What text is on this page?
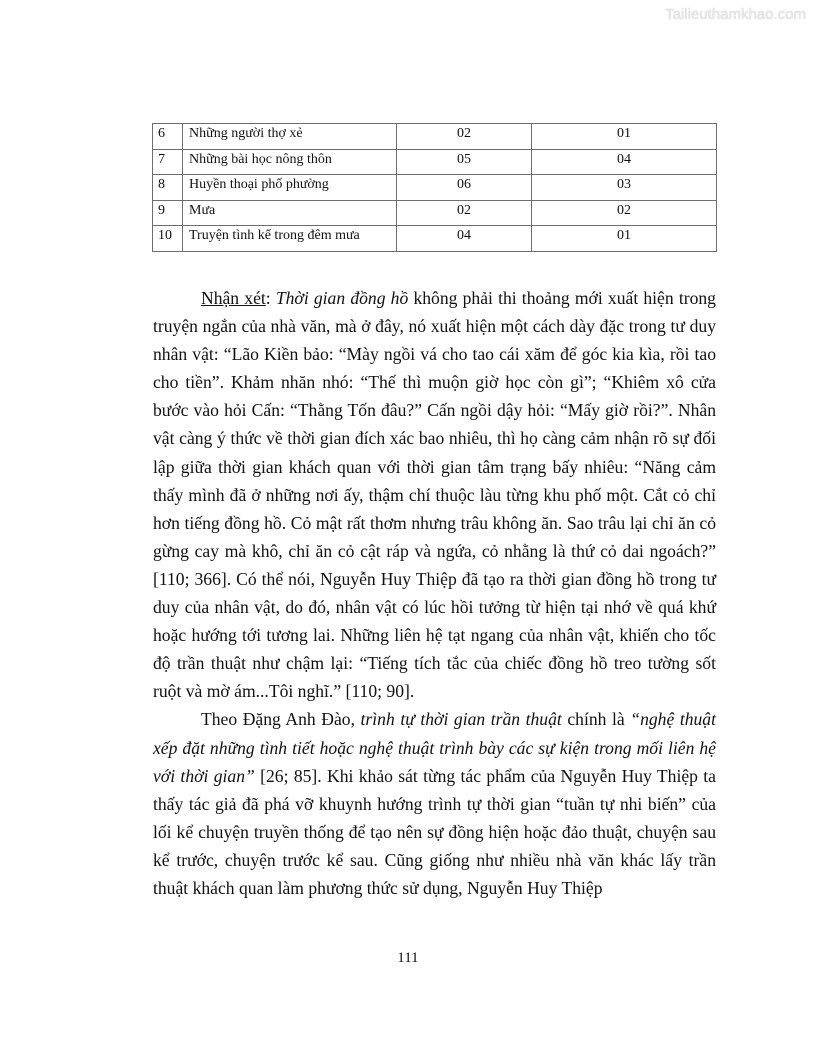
Tailieuthamkhao.com
6	Những người thợ xẻ	02	01
7	Những bài học nông thôn	05	04
8	Huyền thoại phố phường	06	03
9	Mưa	02	02
10	Truyện tình kể trong đêm mưa	04	01

Nhận xét: Thời gian đồng hồ không phải thi thoảng mới xuất hiện trong truyện ngắn của nhà văn, mà ở đây, nó xuất hiện một cách dày đặc trong tư duy nhân vật: “Lão Kiền bảo: “Mày ngồi vá cho tao cái xăm để góc kia kìa, rồi tao cho tiền”. Khảm nhăn nhó: “Thế thì muộn giờ học còn gì”; “Khiêm xô cửa bước vào hỏi Cấn: “Thằng Tốn đâu?” Cấn ngồi dậy hỏi: “Mấy giờ rồi?”. Nhân vật càng ý thức về thời gian đích xác bao nhiêu, thì họ càng cảm nhận rõ sự đối lập giữa thời gian khách quan với thời gian tâm trạng bấy nhiêu: “Năng cảm thấy mình đã ở những nơi ấy, thậm chí thuộc làu từng khu phố một. Cắt cỏ chỉ hơn tiếng đồng hồ. Cỏ mật rất thơm nhưng trâu không ăn. Sao trâu lại chỉ ăn cỏ gừng cay mà khô, chỉ ăn cỏ cật ráp và ngứa, cỏ nhằng là thứ cỏ dai ngoách?” [110; 366]. Có thể nói, Nguyễn Huy Thiệp đã tạo ra thời gian đồng hồ trong tư duy của nhân vật, do đó, nhân vật có lúc hồi tưởng từ hiện tại nhớ về quá khứ hoặc hướng tới tương lai. Những liên hệ tạt ngang của nhân vật, khiến cho tốc độ trần thuật như chậm lại: “Tiếng tích tắc của chiếc đồng hồ treo tường sốt ruột và mờ ám...Tôi nghĩ.” [110; 90].

Theo Đặng Anh Đào, trình tự thời gian trần thuật chính là “nghệ thuật xếp đặt những tình tiết hoặc nghệ thuật trình bày các sự kiện trong mối liên hệ với thời gian” [26; 85]. Khi khảo sát từng tác phẩm của Nguyễn Huy Thiệp ta thấy tác giả đã phá vỡ khuynh hướng trình tự thời gian “tuần tự nhi biến” của lối kể chuyện truyền thống để tạo nên sự đồng hiện hoặc đảo thuật, chuyện sau kể trước, chuyện trước kể sau. Cũng giống như nhiều nhà văn khác lấy trần thuật khách quan làm phương thức sử dụng, Nguyễn Huy Thiệp

111
